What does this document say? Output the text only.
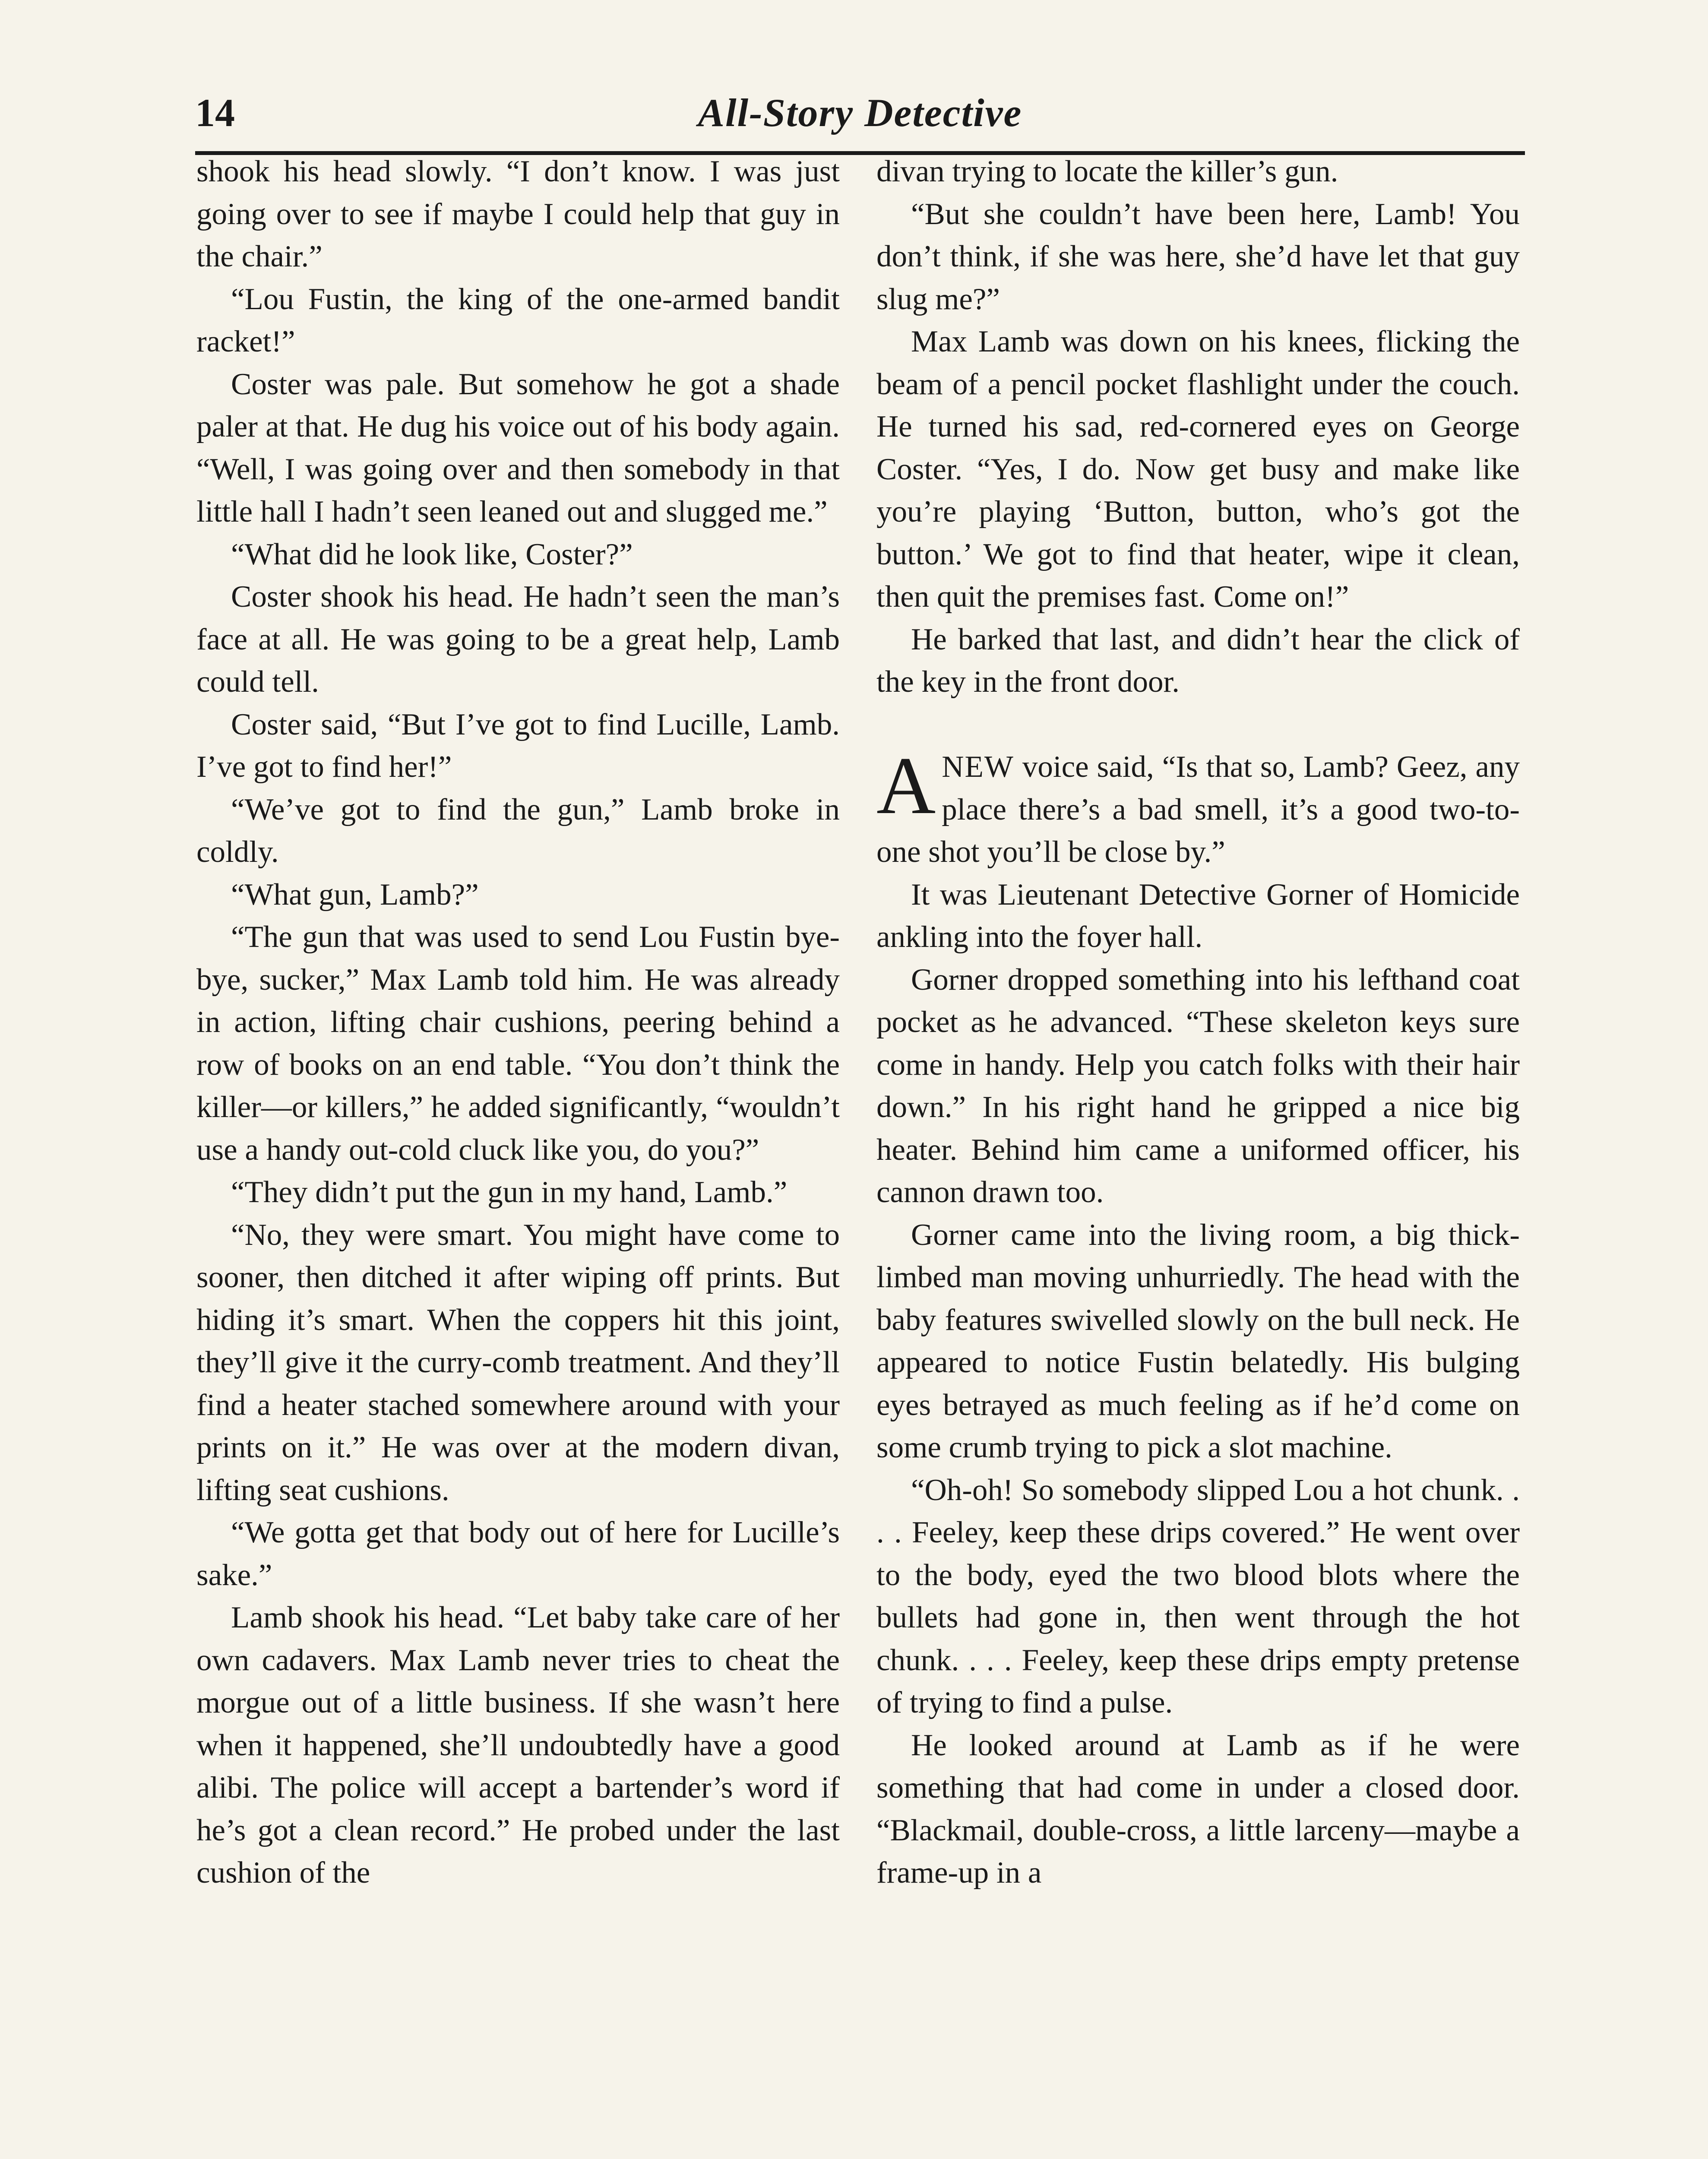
14	All-Story Detective

shook his head slowly. “I don’t know. I was just going over to see if maybe I could help that guy in the chair.”

“Lou Fustin, the king of the one-armed bandit racket!”

Coster was pale. But somehow he got a shade paler at that. He dug his voice out of his body again. “Well, I was going over and then somebody in that little hall I hadn’t seen leaned out and slugged me.”

“What did he look like, Coster?”

Coster shook his head. He hadn’t seen the man’s face at all. He was going to be a great help, Lamb could tell.

Coster said, “But I’ve got to find Lucille, Lamb. I’ve got to find her!”

“We’ve got to find the gun,” Lamb broke in coldly.

“What gun, Lamb?”

“The gun that was used to send Lou Fustin bye-bye, sucker,” Max Lamb told him. He was already in action, lifting chair cushions, peering behind a row of books on an end table. “You don’t think the killer—or killers,” he added significantly, “wouldn’t use a handy out-cold cluck like you, do you?”

“They didn’t put the gun in my hand, Lamb.”

“No, they were smart. You might have come to sooner, then ditched it after wiping off prints. But hiding it’s smart. When the coppers hit this joint, they’ll give it the curry-comb treatment. And they’ll find a heater stached somewhere around with your prints on it.” He was over at the modern divan, lifting seat cushions.

“We gotta get that body out of here for Lucille’s sake.”

Lamb shook his head. “Let baby take care of her own cadavers. Max Lamb never tries to cheat the morgue out of a little business. If she wasn’t here when it happened, she’ll undoubtedly have a good alibi. The police will accept a bartender’s word if he’s got a clean record.” He probed under the last cushion of the

divan trying to locate the killer’s gun.

“But she couldn’t have been here, Lamb! You don’t think, if she was here, she’d have let that guy slug me?”

Max Lamb was down on his knees, flicking the beam of a pencil pocket flashlight under the couch. He turned his sad, red-cornered eyes on George Coster. “Yes, I do. Now get busy and make like you’re playing ‘Button, button, who’s got the button.’ We got to find that heater, wipe it clean, then quit the premises fast. Come on!”

He barked that last, and didn’t hear the click of the key in the front door.

ANEW voice said, “Is that so, Lamb? Geez, any place there’s a bad smell, it’s a good two-to-one shot you’ll be close by.”

It was Lieutenant Detective Gorner of Homicide ankling into the foyer hall.

Gorner dropped something into his lefthand coat pocket as he advanced. “These skeleton keys sure come in handy. Help you catch folks with their hair down.” In his right hand he gripped a nice big heater. Behind him came a uniformed officer, his cannon drawn too.

Gorner came into the living room, a big thick-limbed man moving unhurriedly. The head with the baby features swivelled slowly on the bull neck. He appeared to notice Fustin belatedly. His bulging eyes betrayed as much feeling as if he’d come on some crumb trying to pick a slot machine.

“Oh-oh! So somebody slipped Lou a hot chunk. . . . Feeley, keep these drips covered.” He went over to the body, eyed the two blood blots where the bullets had gone in, then went through the hot chunk. . . . Feeley, keep these drips empty pretense of trying to find a pulse.

He looked around at Lamb as if he were something that had come in under a closed door. “Blackmail, double-cross, a little larceny—maybe a frame-up in a
